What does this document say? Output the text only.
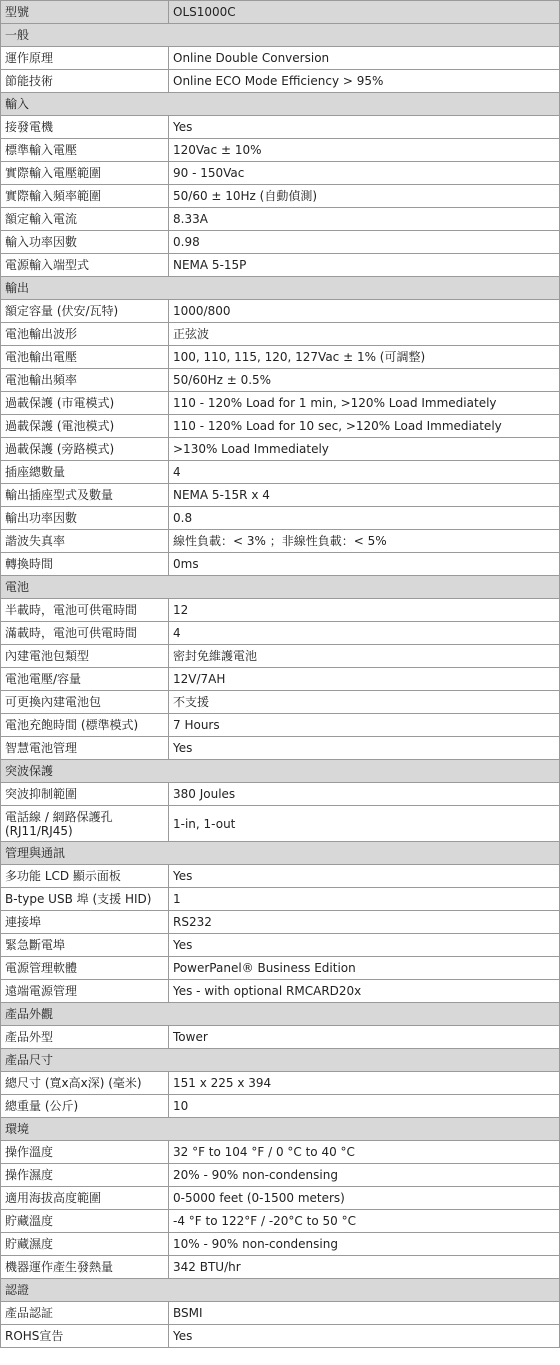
型號	OLS1000C
一般	
運作原理	Online Double Conversion
節能技術	Online ECO Mode Efficiency > 95%
輸入	
接發電機	Yes
標準輸入電壓	120Vac ± 10%
實際輸入電壓範圍	90 - 150Vac
實際輸入頻率範圍	50/60 ± 10Hz (自動偵測)
額定輸入電流	8.33A
輸入功率因數	0.98
電源輸入端型式	NEMA 5-15P
輸出	
額定容量 (伏安/瓦特)	1000/800
電池輸出波形	正弦波
電池輸出電壓	100, 110, 115, 120, 127Vac ± 1% (可調整)
電池輸出頻率	50/60Hz ± 0.5%
過載保護 (市電模式)	110 - 120% Load for 1 min, >120% Load Immediately
過載保護 (電池模式)	110 - 120% Load for 10 sec, >120% Load Immediately
過載保護 (旁路模式)	>130% Load Immediately
插座總數量	4
輸出插座型式及數量	NEMA 5-15R x 4
輸出功率因數	0.8
諧波失真率	線性負載：< 3% ；非線性負載：< 5%
轉換時間	0ms
電池	
半載時，電池可供電時間	12
滿載時，電池可供電時間	4
內建電池包類型	密封免維護電池
電池電壓/容量	12V/7AH
可更換內建電池包	不支援
電池充飽時間 (標準模式)	7 Hours
智慧電池管理	Yes
突波保護	
突波抑制範圍	380 Joules
電話線 / 網路保護孔 (RJ11/RJ45)	1-in, 1-out
管理與通訊	
多功能 LCD 顯示面板	Yes
B-type USB 埠 (支援 HID)	1
連接埠	RS232
緊急斷電埠	Yes
電源管理軟體	PowerPanel® Business Edition
遠端電源管理	Yes - with optional RMCARD20x
產品外觀	
產品外型	Tower
產品尺寸	
總尺寸 (寬x高x深) (毫米)	151 x 225 x 394
總重量 (公斤)	10
環境	
操作溫度	32 °F to 104 °F / 0 °C to 40 °C
操作濕度	20% - 90% non-condensing
適用海拔高度範圍	0-5000 feet (0-1500 meters)
貯藏溫度	-4 °F to 122°F / -20°C to 50 °C
貯藏濕度	10% - 90% non-condensing
機器運作產生發熱量	342 BTU/hr
認證	
產品認証	BSMI
ROHS宣告	Yes
